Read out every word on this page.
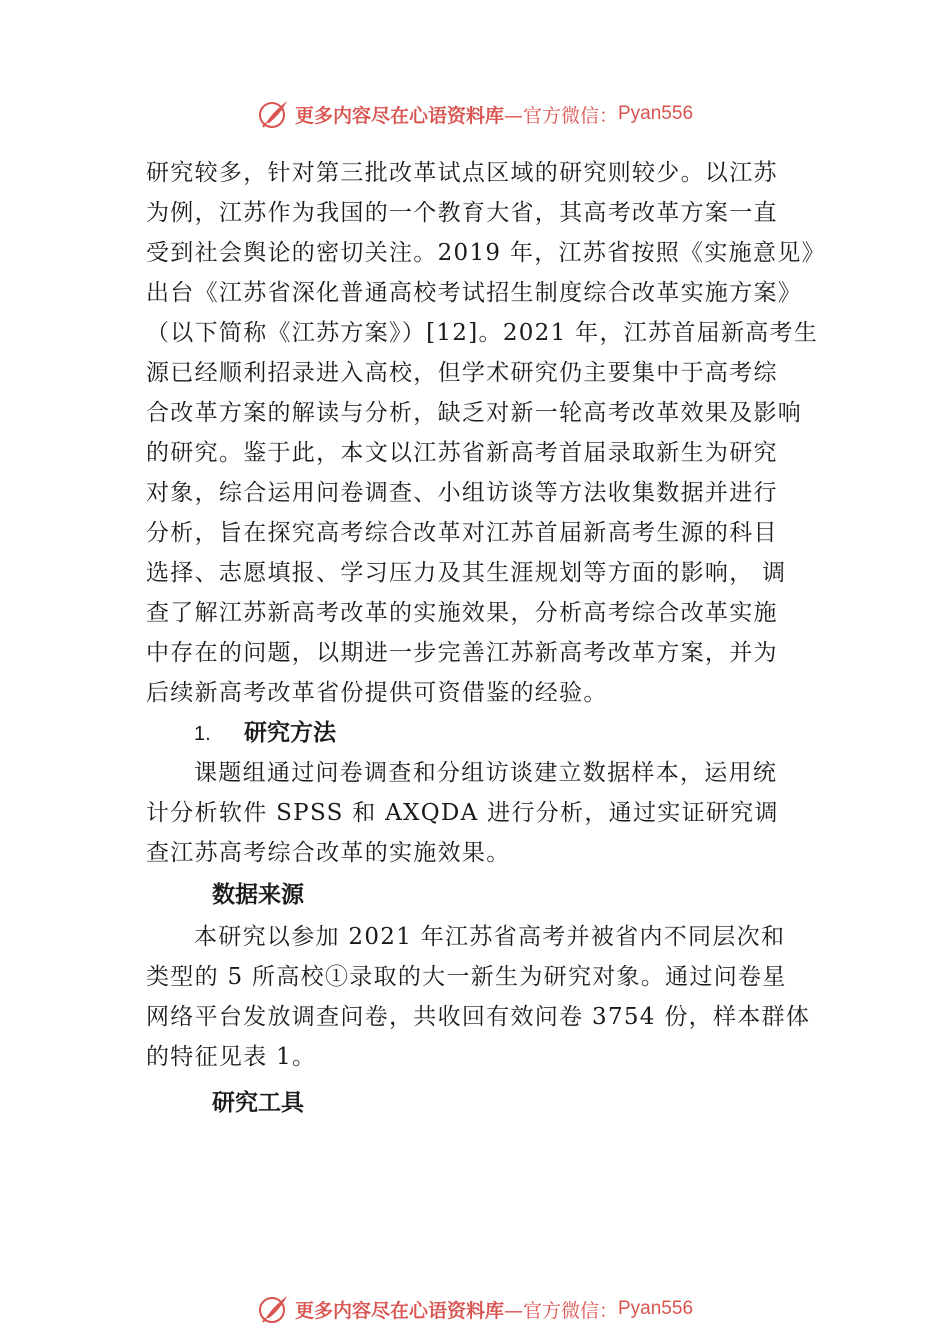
更多内容尽在心语资料库 —官方微信： Pyan556
研究较多，针对第三批改革试点区域的研究则较少。以江苏
为例，江苏作为我国的一个教育大省，其高考改革方案一直
受到社会舆论的密切关注。2019 年，江苏省按照《实施意见》
出台《江苏省深化普通高校考试招生制度综合改革实施方案》
（以下简称《江苏方案》）[12]。2021 年，江苏首届新高考生
源已经顺利招录进入高校，但学术研究仍主要集中于高考综
合改革方案的解读与分析，缺乏对新一轮高考改革效果及影响
的研究。鉴于此，本文以江苏省新高考首届录取新生为研究
对象，综合运用问卷调查、小组访谈等方法收集数据并进行
分析，旨在探究高考综合改革对江苏首届新高考生源的科目
选择、志愿填报、学习压力及其生涯规划等方面的影响， 调
查了解江苏新高考改革的实施效果，分析高考综合改革实施
中存在的问题，以期进一步完善江苏新高考改革方案，并为
后续新高考改革省份提供可资借鉴的经验。
1. 研究方法
课题组通过问卷调查和分组访谈建立数据样本，运用统
计分析软件 SPSS 和 AXQDA 进行分析，通过实证研究调
查江苏高考综合改革的实施效果。
数据来源
本研究以参加 2021 年江苏省高考并被省内不同层次和
类型的 5 所高校①录取的大一新生为研究对象。通过问卷星
网络平台发放调查问卷，共收回有效问卷 3754 份，样本群体
的特征见表 1。
研究工具
更多内容尽在心语资料库 —官方微信： Pyan556
